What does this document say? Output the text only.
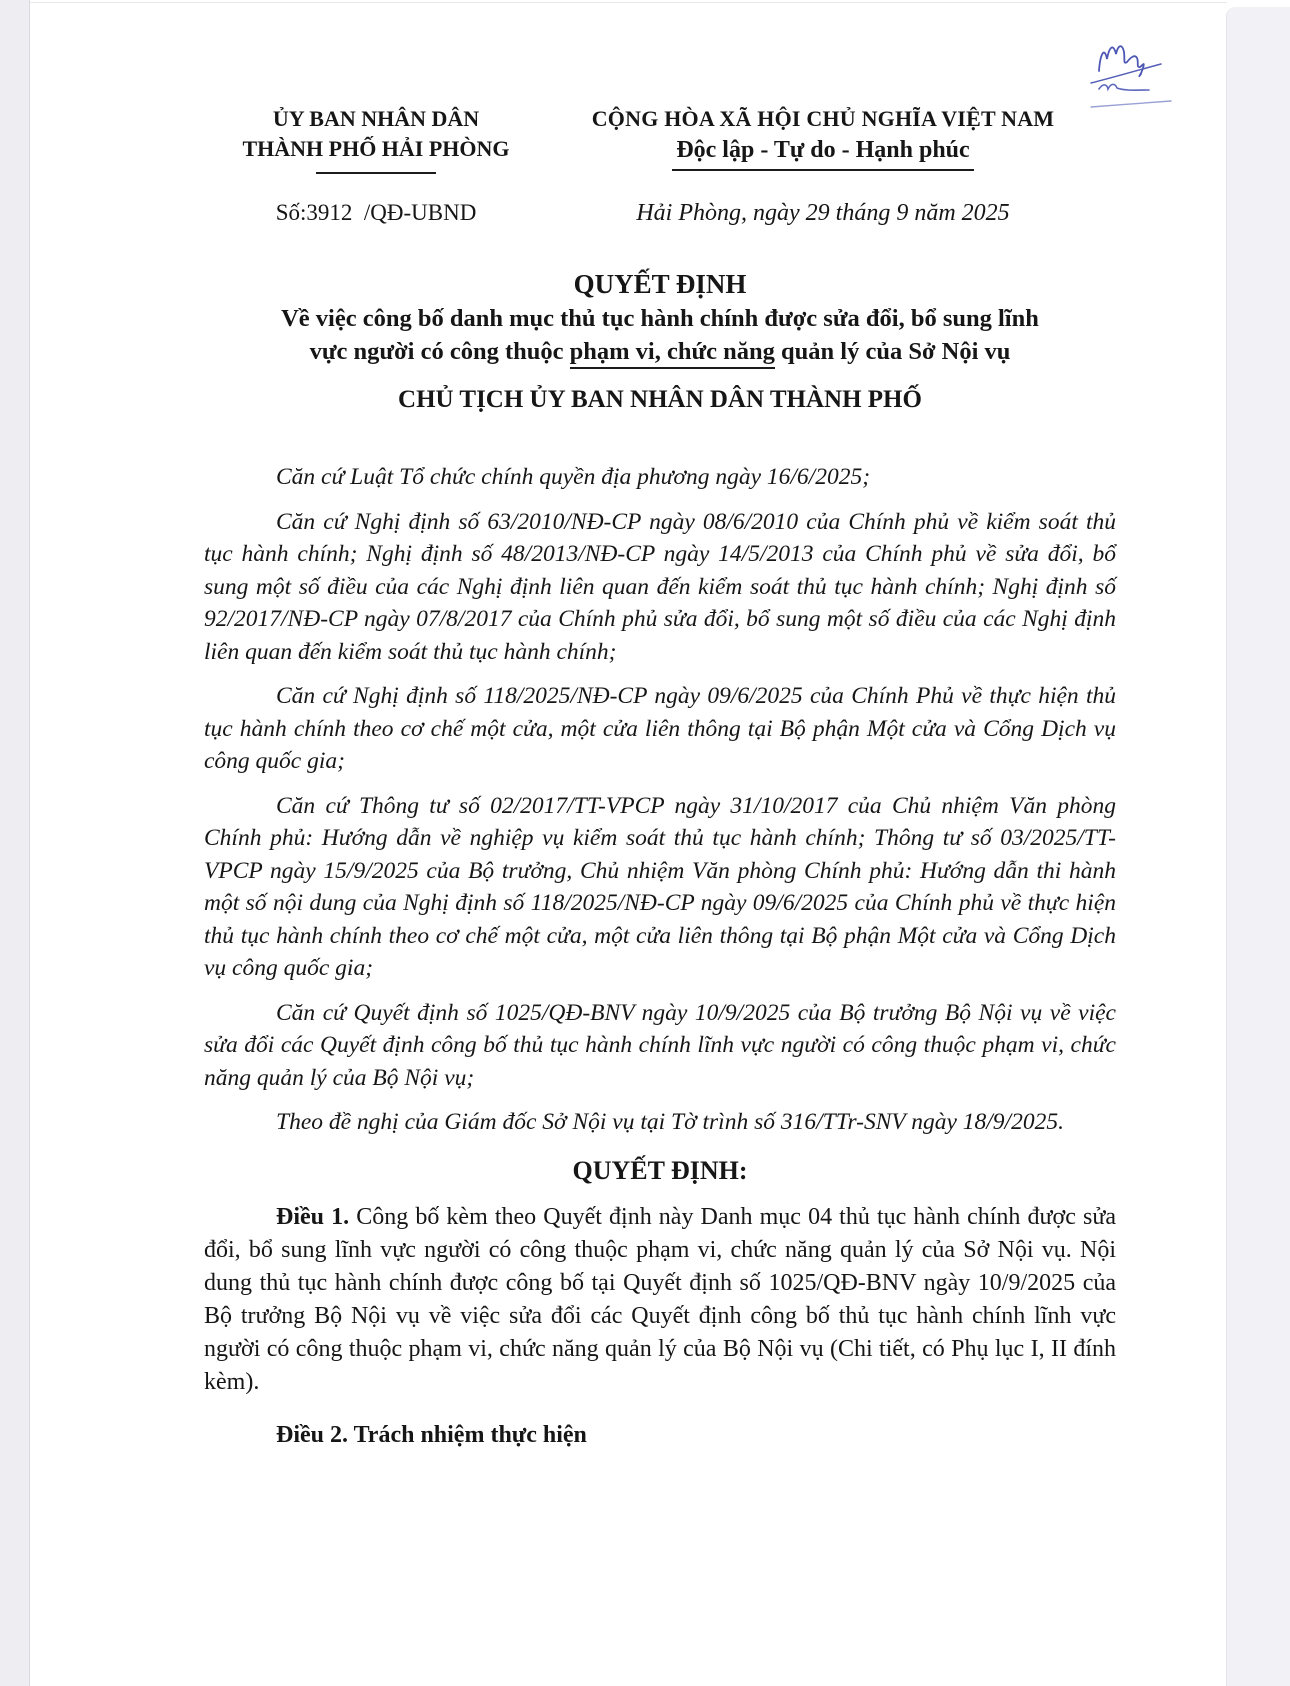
ỦY BAN NHÂN DÂN
THÀNH PHỐ HẢI PHÒNG
CỘNG HÒA XÃ HỘI CHỦ NGHĨA VIỆT NAM
Độc lập - Tự do - Hạnh phúc
Số:3912  /QĐ-UBND	Hải Phòng, ngày 29 tháng 9 năm 2025
QUYẾT ĐỊNH
Về việc công bố danh mục thủ tục hành chính được sửa đổi, bổ sung lĩnh
vực người có công thuộc phạm vi, chức năng quản lý của Sở Nội vụ
CHỦ TỊCH ỦY BAN NHÂN DÂN THÀNH PHỐ

Căn cứ Luật Tổ chức chính quyền địa phương ngày 16/6/2025;

Căn cứ Nghị định số 63/2010/NĐ-CP ngày 08/6/2010 của Chính phủ về kiểm soát thủ tục hành chính; Nghị định số 48/2013/NĐ-CP ngày 14/5/2013 của Chính phủ về sửa đổi, bổ sung một số điều của các Nghị định liên quan đến kiểm soát thủ tục hành chính; Nghị định số 92/2017/NĐ-CP ngày 07/8/2017 của Chính phủ sửa đổi, bổ sung một số điều của các Nghị định liên quan đến kiểm soát thủ tục hành chính;

Căn cứ Nghị định số 118/2025/NĐ-CP ngày 09/6/2025 của Chính Phủ về thực hiện thủ tục hành chính theo cơ chế một cửa, một cửa liên thông tại Bộ phận Một cửa và Cổng Dịch vụ công quốc gia;

Căn cứ Thông tư số 02/2017/TT-VPCP ngày 31/10/2017 của Chủ nhiệm Văn phòng Chính phủ: Hướng dẫn về nghiệp vụ kiểm soát thủ tục hành chính; Thông tư số 03/2025/TT-VPCP ngày 15/9/2025 của Bộ trưởng, Chủ nhiệm Văn phòng Chính phủ: Hướng dẫn thi hành một số nội dung của Nghị định số 118/2025/NĐ-CP ngày 09/6/2025 của Chính phủ về thực hiện thủ tục hành chính theo cơ chế một cửa, một cửa liên thông tại Bộ phận Một cửa và Cổng Dịch vụ công quốc gia;

Căn cứ Quyết định số 1025/QĐ-BNV ngày 10/9/2025 của Bộ trưởng Bộ Nội vụ về việc sửa đổi các Quyết định công bố thủ tục hành chính lĩnh vực người có công thuộc phạm vi, chức năng quản lý của Bộ Nội vụ;

Theo đề nghị của Giám đốc Sở Nội vụ tại Tờ trình số 316/TTr-SNV ngày 18/9/2025.

QUYẾT ĐỊNH:

Điều 1. Công bố kèm theo Quyết định này Danh mục 04 thủ tục hành chính được sửa đổi, bổ sung lĩnh vực người có công thuộc phạm vi, chức năng quản lý của Sở Nội vụ. Nội dung thủ tục hành chính được công bố tại Quyết định số 1025/QĐ-BNV ngày 10/9/2025 của Bộ trưởng Bộ Nội vụ về việc sửa đổi các Quyết định công bố thủ tục hành chính lĩnh vực người có công thuộc phạm vi, chức năng quản lý của Bộ Nội vụ (Chi tiết, có Phụ lục I, II đính kèm).

Điều 2. Trách nhiệm thực hiện
